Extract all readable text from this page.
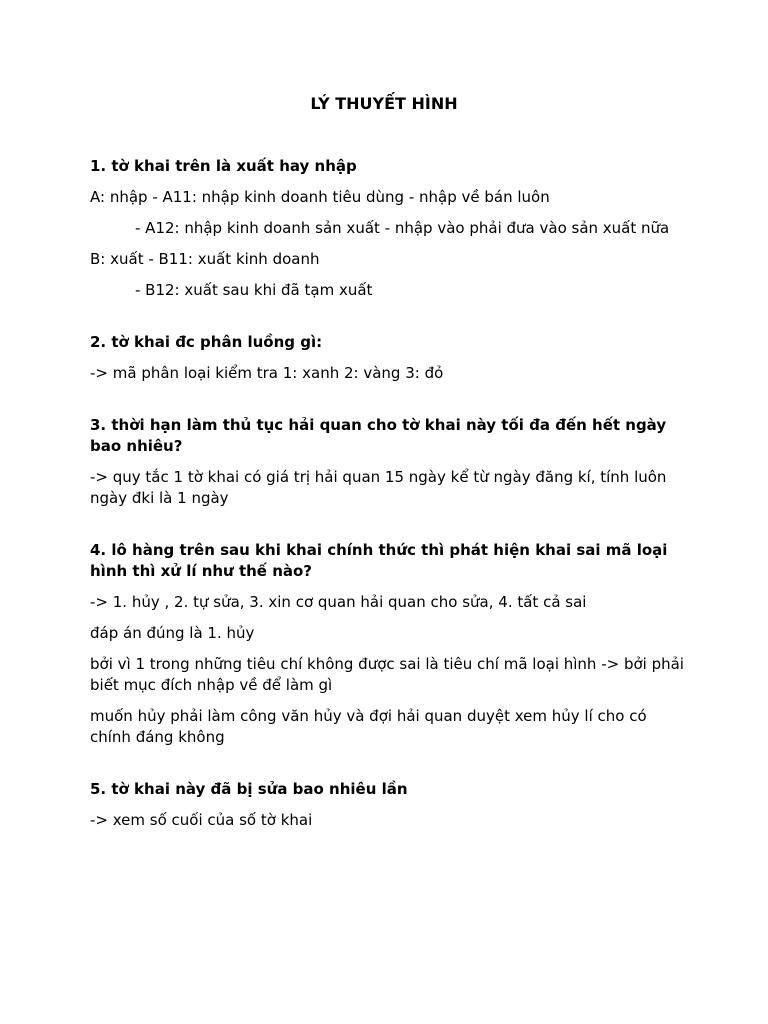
LÝ THUYẾT HÌNH

1. tờ khai trên là xuất hay nhập

A: nhập - A11: nhập kinh doanh tiêu dùng - nhập về bán luôn

- A12: nhập kinh doanh sản xuất - nhập vào phải đưa vào sản xuất nữa

B: xuất - B11: xuất kinh doanh

- B12: xuất sau khi đã tạm xuất

2. tờ khai đc phân luồng gì:

-> mã phân loại kiểm tra 1: xanh 2: vàng 3: đỏ

3. thời hạn làm thủ tục hải quan cho tờ khai này tối đa đến hết ngày bao nhiêu?

-> quy tắc 1 tờ khai có giá trị hải quan 15 ngày kể từ ngày đăng kí, tính luôn ngày đki là 1 ngày

4. lô hàng trên sau khi khai chính thức thì phát hiện khai sai mã loại hình thì xử lí như thế nào?

-> 1. hủy , 2. tự sửa, 3. xin cơ quan hải quan cho sửa, 4. tất cả sai

đáp án đúng là 1. hủy

bởi vì 1 trong những tiêu chí không được sai là tiêu chí mã loại hình -> bởi phải biết mục đích nhập về để làm gì

muốn hủy phải làm công văn hủy và đợi hải quan duyệt xem hủy lí cho có chính đáng không

5. tờ khai này đã bị sửa bao nhiêu lần

-> xem số cuối của số tờ khai
